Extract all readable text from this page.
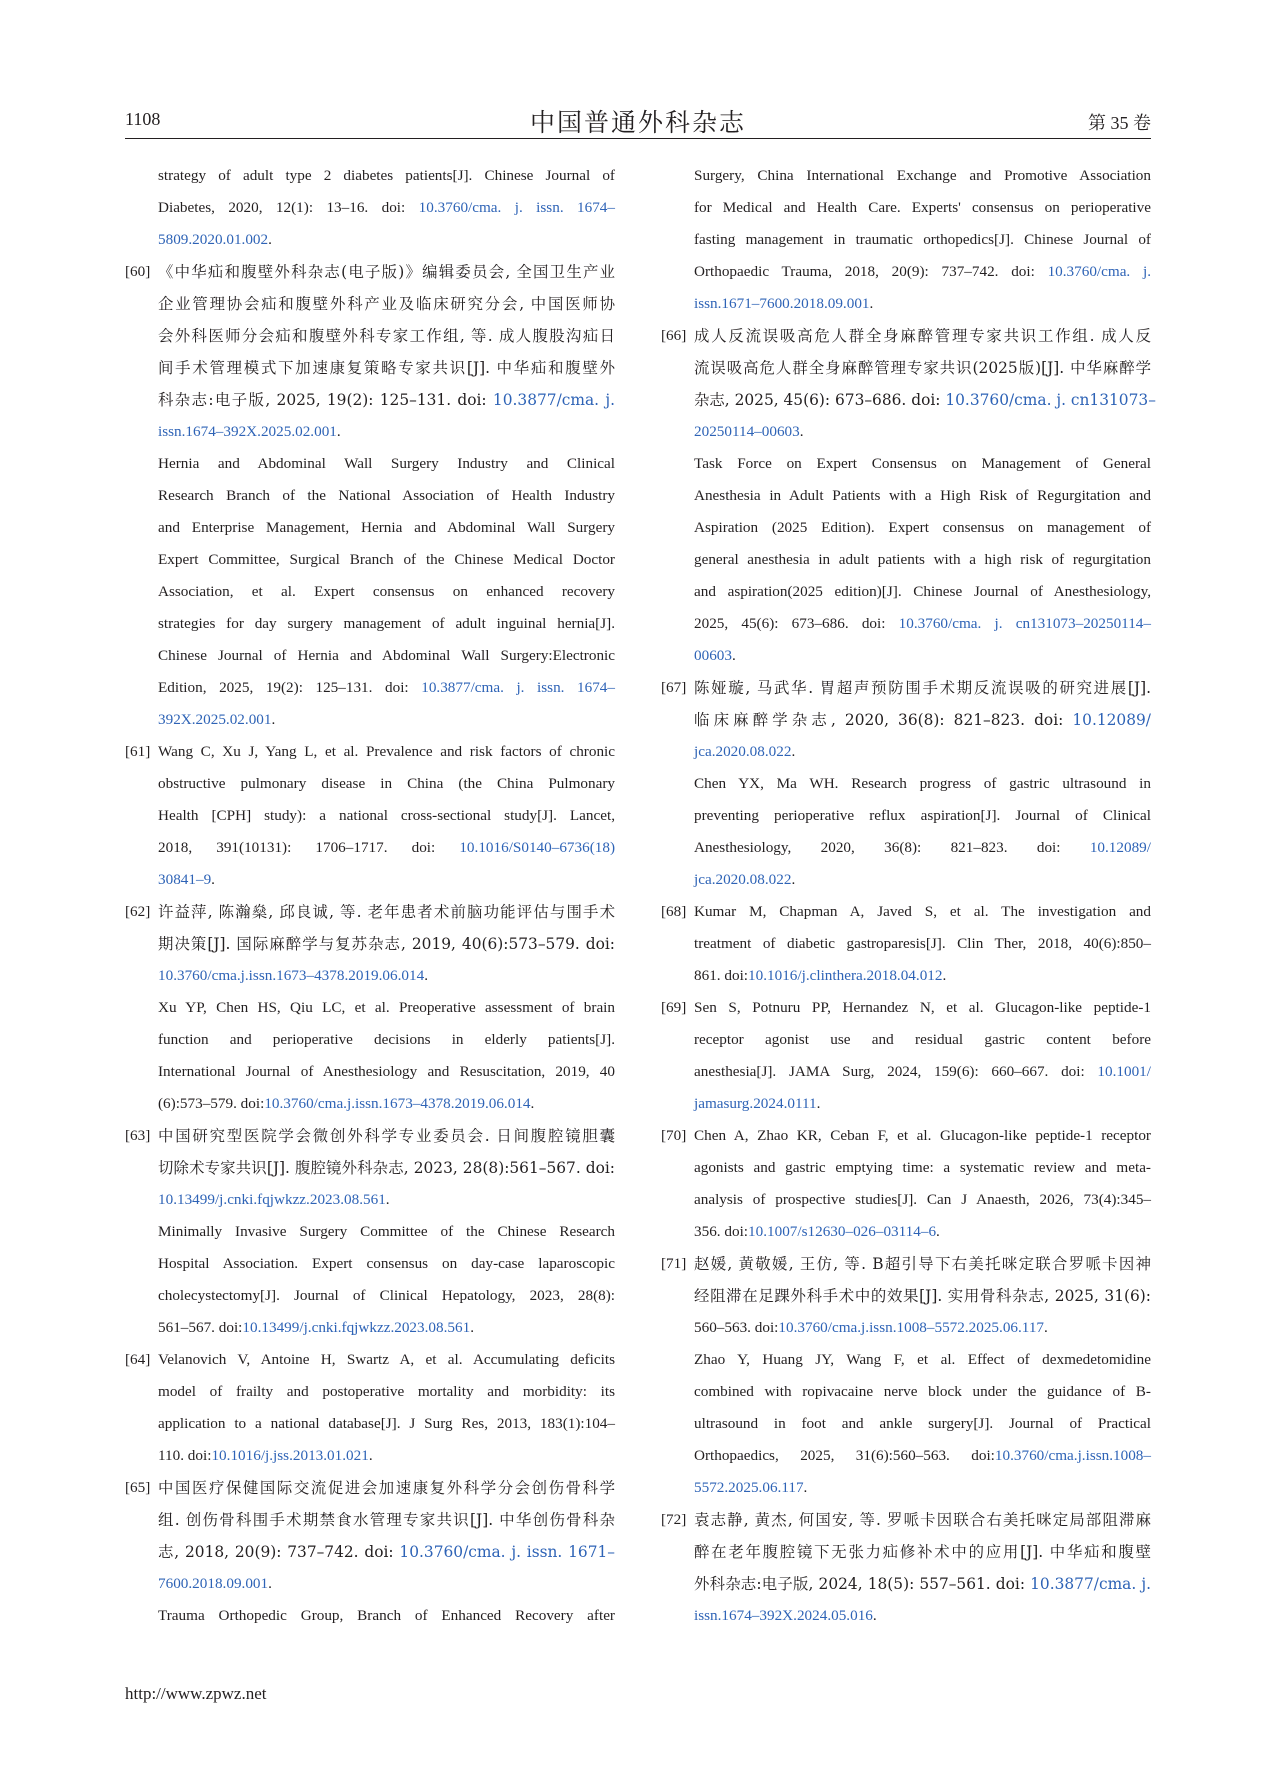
1108	中国普通外科杂志	第 35 卷
strategy of adult type 2 diabetes patients[J]. Chinese Journal of
Diabetes, 2020, 12(1): 13–16. doi: 10.3760/cma. j. issn. 1674–
5809.2020.01.002.
[60] 《中华疝和腹壁外科杂志(电子版)》编辑委员会, 全国卫生产业
企业管理协会疝和腹壁外科产业及临床研究分会, 中国医师协
会外科医师分会疝和腹壁外科专家工作组, 等. 成人腹股沟疝日
间手术管理模式下加速康复策略专家共识[J]. 中华疝和腹壁外
科杂志:电子版, 2025, 19(2): 125–131. doi: 10.3877/cma. j.
issn.1674–392X.2025.02.001.
Hernia and Abdominal Wall Surgery Industry and Clinical
Research Branch of the National Association of Health Industry
and Enterprise Management, Hernia and Abdominal Wall Surgery
Expert Committee, Surgical Branch of the Chinese Medical Doctor
Association, et al. Expert consensus on enhanced recovery
strategies for day surgery management of adult inguinal hernia[J].
Chinese Journal of Hernia and Abdominal Wall Surgery:Electronic
Edition, 2025, 19(2): 125–131. doi: 10.3877/cma. j. issn. 1674–
392X.2025.02.001.
[61] Wang C, Xu J, Yang L, et al. Prevalence and risk factors of chronic
obstructive pulmonary disease in China (the China Pulmonary
Health [CPH] study): a national cross-sectional study[J]. Lancet,
2018, 391(10131): 1706–1717. doi: 10.1016/S0140–6736(18)
30841–9.
[62] 许益萍, 陈瀚燊, 邱良诚, 等. 老年患者术前脑功能评估与围手术
期决策[J]. 国际麻醉学与复苏杂志, 2019, 40(6):573–579. doi:
10.3760/cma.j.issn.1673–4378.2019.06.014.
Xu YP, Chen HS, Qiu LC, et al. Preoperative assessment of brain
function and perioperative decisions in elderly patients[J].
International Journal of Anesthesiology and Resuscitation, 2019, 40
(6):573–579. doi:10.3760/cma.j.issn.1673–4378.2019.06.014.
[63] 中国研究型医院学会微创外科学专业委员会. 日间腹腔镜胆囊
切除术专家共识[J]. 腹腔镜外科杂志, 2023, 28(8):561–567. doi:
10.13499/j.cnki.fqjwkzz.2023.08.561.
Minimally Invasive Surgery Committee of the Chinese Research
Hospital Association. Expert consensus on day-case laparoscopic
cholecystectomy[J]. Journal of Clinical Hepatology, 2023, 28(8):
561–567. doi:10.13499/j.cnki.fqjwkzz.2023.08.561.
[64] Velanovich V, Antoine H, Swartz A, et al. Accumulating deficits
model of frailty and postoperative mortality and morbidity: its
application to a national database[J]. J Surg Res, 2013, 183(1):104–
110. doi:10.1016/j.jss.2013.01.021.
[65] 中国医疗保健国际交流促进会加速康复外科学分会创伤骨科学
组. 创伤骨科围手术期禁食水管理专家共识[J]. 中华创伤骨科杂
志, 2018, 20(9): 737–742. doi: 10.3760/cma. j. issn. 1671–
7600.2018.09.001.
Trauma Orthopedic Group, Branch of Enhanced Recovery after
Surgery, China International Exchange and Promotive Association
for Medical and Health Care. Experts' consensus on perioperative
fasting management in traumatic orthopedics[J]. Chinese Journal of
Orthopaedic Trauma, 2018, 20(9): 737–742. doi: 10.3760/cma. j.
issn.1671–7600.2018.09.001.
[66] 成人反流误吸高危人群全身麻醉管理专家共识工作组. 成人反
流误吸高危人群全身麻醉管理专家共识(2025版)[J]. 中华麻醉学
杂志, 2025, 45(6): 673–686. doi: 10.3760/cma. j. cn131073–
20250114–00603.
Task Force on Expert Consensus on Management of General
Anesthesia in Adult Patients with a High Risk of Regurgitation and
Aspiration (2025 Edition). Expert consensus on management of
general anesthesia in adult patients with a high risk of regurgitation
and aspiration(2025 edition)[J]. Chinese Journal of Anesthesiology,
2025, 45(6): 673–686. doi: 10.3760/cma. j. cn131073–20250114–
00603.
[67] 陈娅璇, 马武华. 胃超声预防围手术期反流误吸的研究进展[J].
临床麻醉学杂志, 2020, 36(8): 821–823. doi: 10.12089/
jca.2020.08.022.
Chen YX, Ma WH. Research progress of gastric ultrasound in
preventing perioperative reflux aspiration[J]. Journal of Clinical
Anesthesiology, 2020, 36(8): 821–823. doi: 10.12089/
jca.2020.08.022.
[68] Kumar M, Chapman A, Javed S, et al. The investigation and
treatment of diabetic gastroparesis[J]. Clin Ther, 2018, 40(6):850–
861. doi:10.1016/j.clinthera.2018.04.012.
[69] Sen S, Potnuru PP, Hernandez N, et al. Glucagon-like peptide-1
receptor agonist use and residual gastric content before
anesthesia[J]. JAMA Surg, 2024, 159(6): 660–667. doi: 10.1001/
jamasurg.2024.0111.
[70] Chen A, Zhao KR, Ceban F, et al. Glucagon-like peptide-1 receptor
agonists and gastric emptying time: a systematic review and meta-
analysis of prospective studies[J]. Can J Anaesth, 2026, 73(4):345–
356. doi:10.1007/s12630–026–03114–6.
[71] 赵媛, 黄敬媛, 王仿, 等. B超引导下右美托咪定联合罗哌卡因神
经阻滞在足踝外科手术中的效果[J]. 实用骨科杂志, 2025, 31(6):
560–563. doi:10.3760/cma.j.issn.1008–5572.2025.06.117.
Zhao Y, Huang JY, Wang F, et al. Effect of dexmedetomidine
combined with ropivacaine nerve block under the guidance of B-
ultrasound in foot and ankle surgery[J]. Journal of Practical
Orthopaedics, 2025, 31(6):560–563. doi:10.3760/cma.j.issn.1008–
5572.2025.06.117.
[72] 袁志静, 黄杰, 何国安, 等. 罗哌卡因联合右美托咪定局部阻滞麻
醉在老年腹腔镜下无张力疝修补术中的应用[J]. 中华疝和腹壁
外科杂志:电子版, 2024, 18(5): 557–561. doi: 10.3877/cma. j.
issn.1674–392X.2024.05.016.
http://www.zpwz.net
